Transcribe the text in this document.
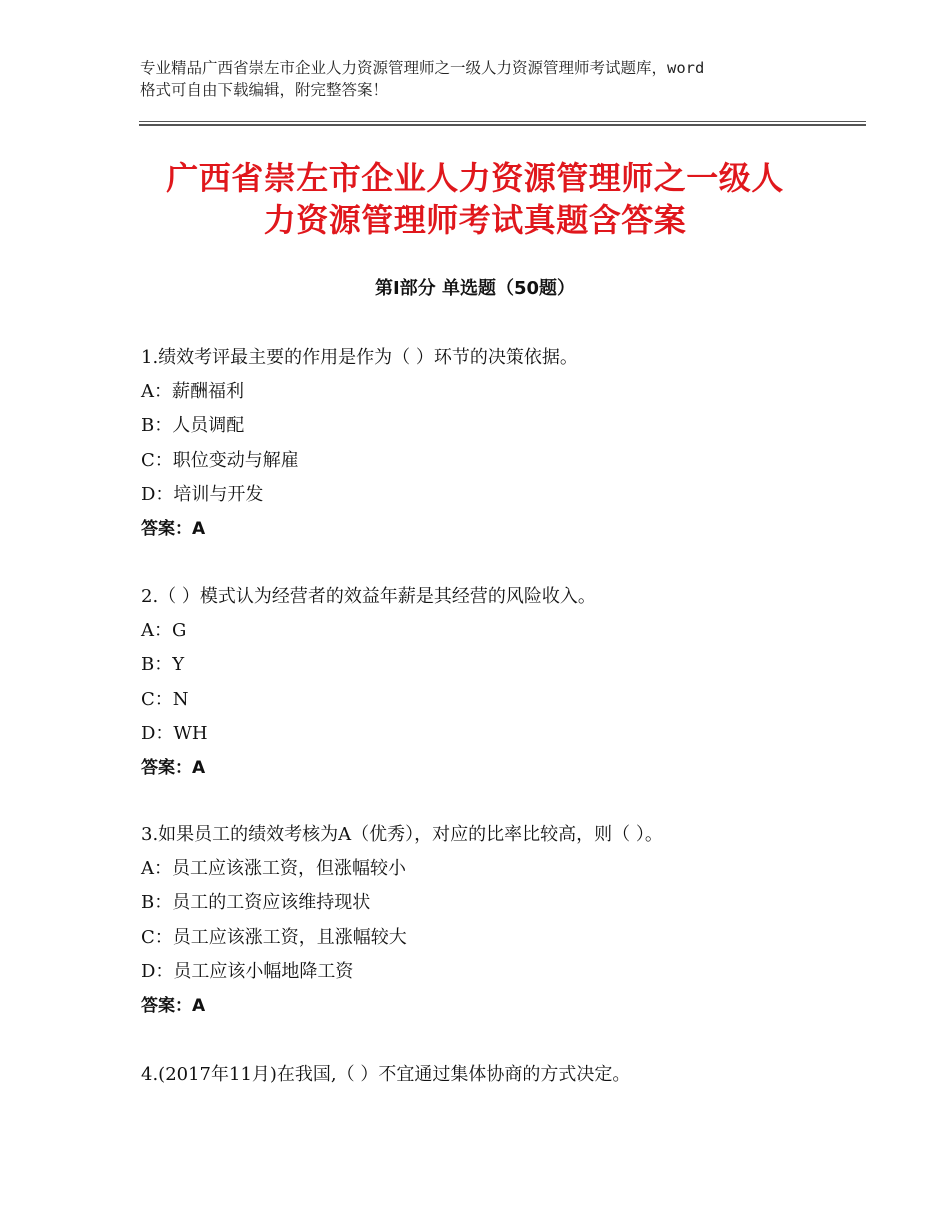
专业精品广西省崇左市企业人力资源管理师之一级人力资源管理师考试题库，word
格式可自由下载编辑，附完整答案！
广西省崇左市企业人力资源管理师之一级人
力资源管理师考试真题含答案
第Ⅰ部分 单选题（50题）
1.绩效考评最主要的作用是作为（ ）环节的决策依据。
A：薪酬福利
B：人员调配
C：职位变动与解雇
D：培训与开发
答案：A
2.（ ）模式认为经营者的效益年薪是其经营的风险收入。
A：G
B：Y
C：N
D：WH
答案：A
3.如果员工的绩效考核为A（优秀），对应的比率比较高，则（ ）。
A：员工应该涨工资，但涨幅较小
B：员工的工资应该维持现状
C：员工应该涨工资，且涨幅较大
D：员工应该小幅地降工资
答案：A
4.(2017年11月)在我国,（ ）不宜通过集体协商的方式决定。
